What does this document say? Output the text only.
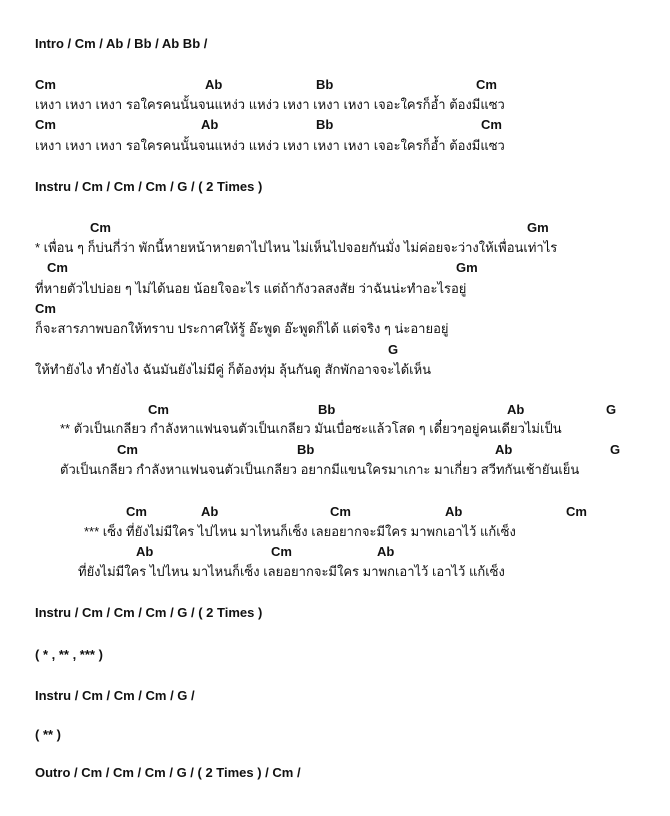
Intro / Cm / Ab / Bb / Ab Bb /
Cm	Ab	Bb	Cm
เหงา เหงา เหงา รอใครคนนั้นจนแหง่ว แหง่ว เหงา เหงา เหงา เจอะใครก็อ้ำ ต้องมีแซว
Cm	Ab	Bb	Cm
เหงา เหงา เหงา รอใครคนนั้นจนแหง่ว แหง่ว เหงา เหงา เหงา เจอะใครก็อ้ำ ต้องมีแซว
Instru / Cm / Cm / Cm / G / ( 2 Times )
Cm	Gm
* เพื่อน ๆ ก็บ่นกี่ว่า พักนี้หายหน้าหายตาไปไหน ไม่เห็นไปจอยกันมั่ง ไม่ค่อยจะว่างให้เพื่อนเท่าไร
Cm	Gm
ที่หายตัวไปบ่อย ๆ ไม่ได้นอย น้อยใจอะไร แต่ถ้ากังวลสงสัย ว่าฉันน่ะทำอะไรอยู่
Cm
ก็จะสารภาพบอกให้ทราบ ประกาศให้รู้ อ๊ะพูด อ๊ะพูดก็ได้ แต่จริง ๆ น่ะอายอยู่
G
ให้ทำยังไง ทำยังไง ฉันมันยังไม่มีคู่ ก็ต้องทุ่ม ลุ้นกันดู สักพักอาจจะได้เห็น
Cm	Bb	Ab	G
** ตัวเป็นเกลียว กำลังหาแฟนจนตัวเป็นเกลียว มันเบื่อซะแล้วโสด ๆ เดี๋ยวๆอยู่คนเดียวไม่เป็น
Cm	Bb	Ab	G
ตัวเป็นเกลียว กำลังหาแฟนจนตัวเป็นเกลียว อยากมีแขนใครมาเกาะ มาเกี่ยว สวีทกันเช้ายันเย็น
Cm	Ab	Cm	Ab	Cm
*** เซ็ง ที่ยังไม่มีใคร ไปไหน มาไหนก็เซ็ง เลยอยากจะมีใคร มาพกเอาไว้ แก้เซ็ง
Ab	Cm	Ab
ที่ยังไม่มีใคร ไปไหน มาไหนก็เซ็ง เลยอยากจะมีใคร มาพกเอาไว้ เอาไว้ แก้เซ็ง
Instru / Cm / Cm / Cm / G / ( 2 Times )
( * , ** , *** )
Instru / Cm / Cm / Cm / G /
( ** )
Outro / Cm / Cm / Cm / G / ( 2 Times ) / Cm /
